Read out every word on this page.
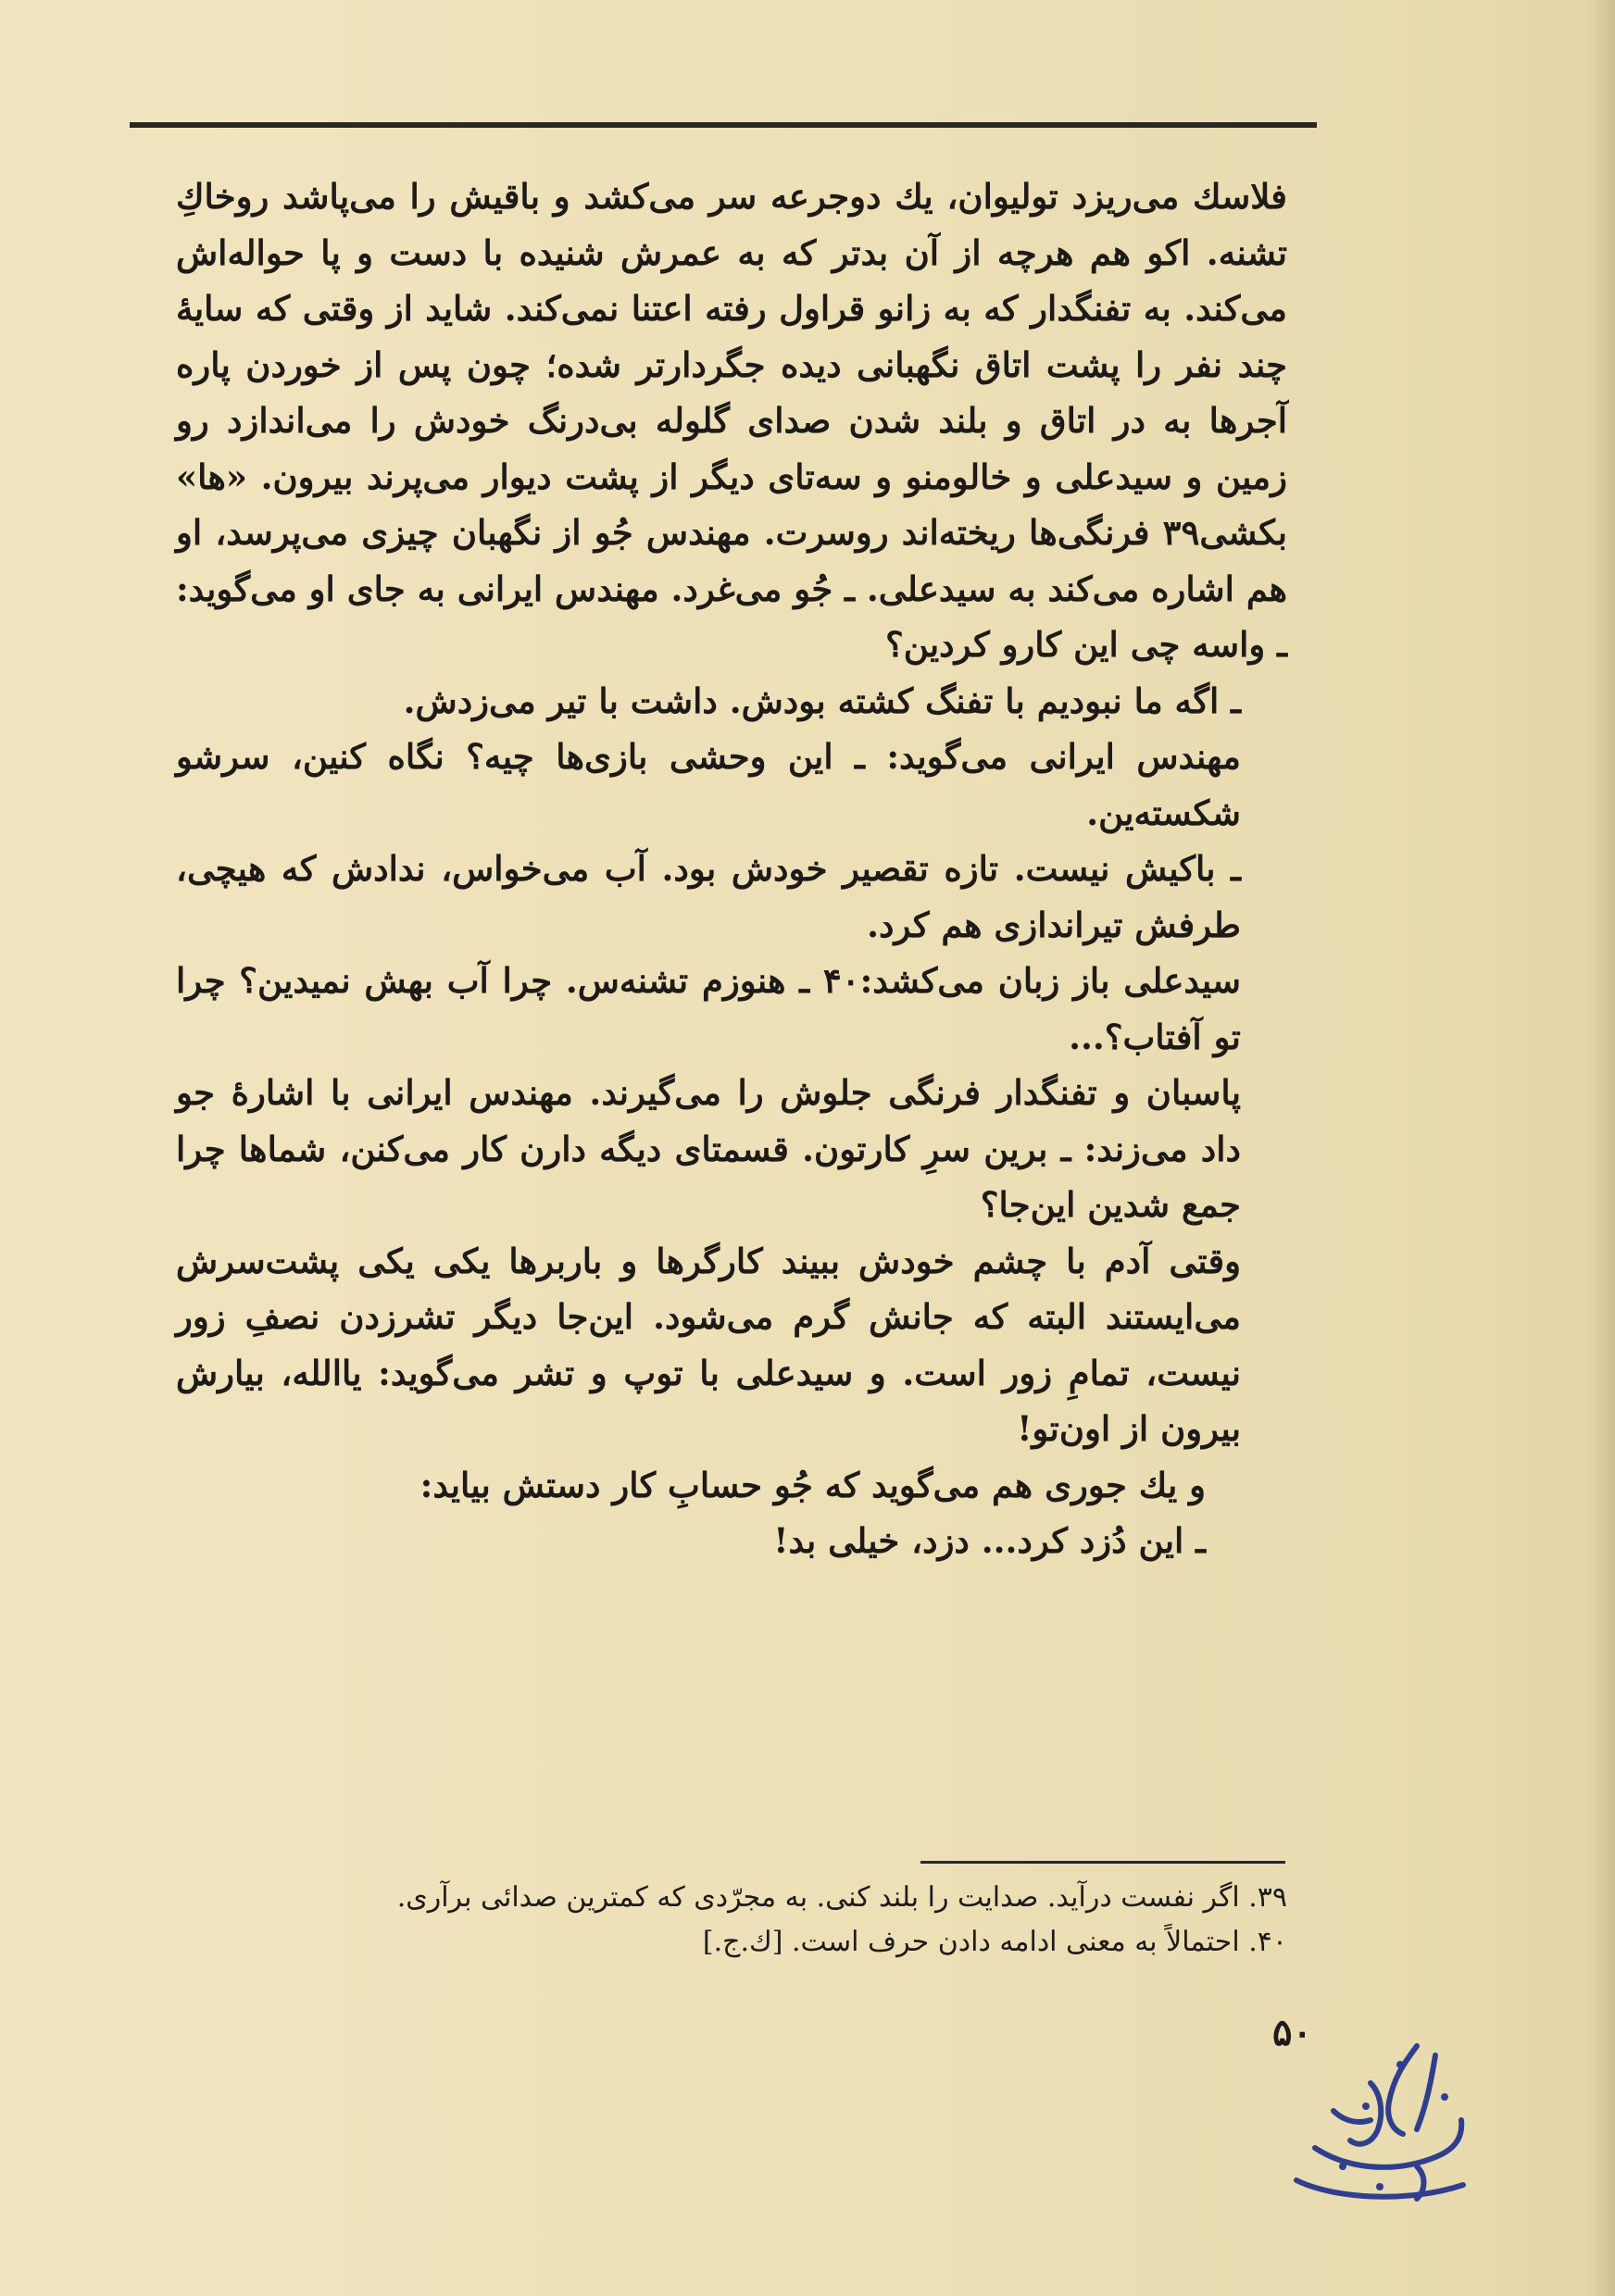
فلاسك می‌ریزد تولیوان، یك دوجرعه سر می‌كشد و باقیش را می‌پاشد روخاكِ تشنه. اكو هم هرچه از آن بدتر كه به عمرش شنیده با دست و پا حواله‌اش می‌كند. به تفنگدار كه به زانو قراول رفته اعتنا نمی‌كند. شاید از وقتی كه سایهٔ چند نفر را پشت اتاق نگهبانی دیده جگردارتر شده؛ چون پس از خوردن پاره آجرها به در اتاق و بلند شدن صدای گلوله بی‌درنگ خودش را می‌اندازد رو زمین و سیدعلی و خالومنو و سه‌تای دیگر از پشت دیوار می‌پرند بیرون. «ها» بكشی۳۹ فرنگی‌ها ریخته‌اند روسرت. مهندس جُو از نگهبان چیزی می‌پرسد، او هم اشاره می‌كند به سیدعلی. ـ جُو می‌غرد. مهندس ایرانی به جای او می‌گوید: ـ واسه چی این كارو كردین؟

ـ اگه ما نبودیم با تفنگ كشته بودش. داشت با تیر می‌زدش.

مهندس ایرانی می‌گوید: ـ این وحشی بازی‌ها چیه؟ نگاه كنین، سرشو شكسته‌ین.

ـ باكیش نیست. تازه تقصیر خودش بود. آب می‌خواس، ندادش كه هیچی، طرفش تیراندازی هم كرد.

سیدعلی باز زبان می‌كشد:۴۰ ـ هنوزم تشنه‌س. چرا آب بهش نمیدین؟ چرا تو آفتاب؟...

پاسبان و تفنگدار فرنگی جلوش را می‌گیرند. مهندس ایرانی با اشارهٔ جو داد می‌زند: ـ برین سرِ كارتون. قسمتای دیگه دارن كار می‌كنن، شماها چرا جمع شدین این‌جا؟

وقتی آدم با چشم خودش ببیند كارگرها و باربرها یكی یكی پشت‌سرش می‌ایستند البته كه جانش گرم می‌شود. این‌جا دیگر تشرزدن نصفِ زور نیست، تمامِ زور است. و سیدعلی با توپ و تشر می‌گوید: یاالله، بیارش بیرون از اون‌تو!

و یك جوری هم می‌گوید كه جُو حسابِ كار دستش بیاید:

ـ این دُزد كرد... دزد، خیلی بد!

۳۹. اگر نفست درآید. صدایت را بلند كنی. به مجرّدی كه كمترین صدائی برآری.

۴۰. احتمالاً به معنی ادامه دادن حرف است. [ك.ج.]

۵۰
